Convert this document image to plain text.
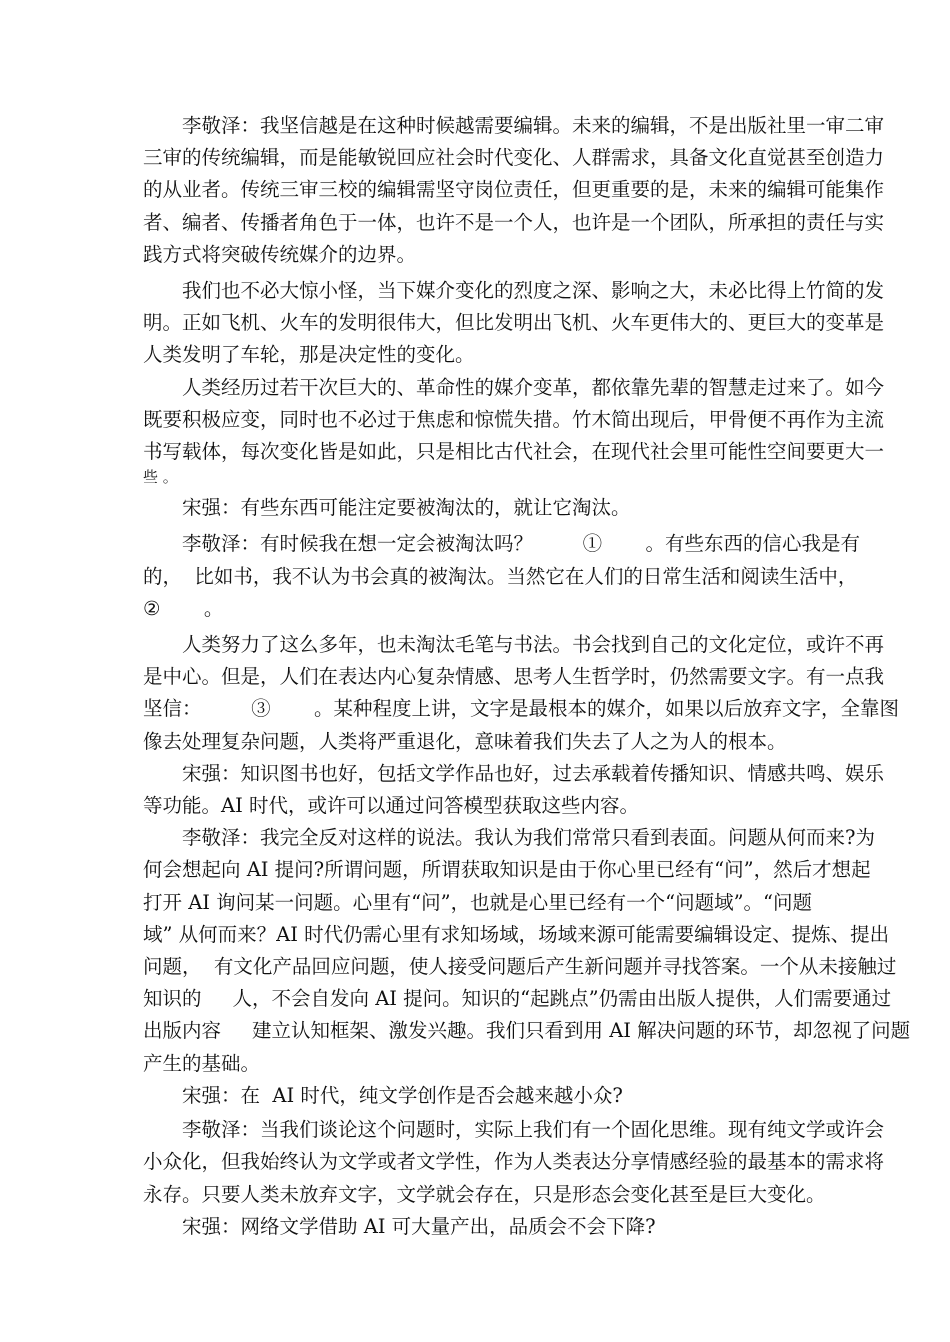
李敬泽：我坚信越是在这种时候越需要编辑。未来的编辑，不是出版社里一审二审
三审的传统编辑，而是能敏锐回应社会时代变化、人群需求，具备文化直觉甚至创造力
的从业者。传统三审三校的编辑需坚守岗位责任，但更重要的是，未来的编辑可能集作
者、编者、传播者角色于一体，也许不是一个人，也许是一个团队，所承担的责任与实
践方式将突破传统媒介的边界。
我们也不必大惊小怪，当下媒介变化的烈度之深、影响之大，未必比得上竹简的发
明。正如飞机、火车的发明很伟大，但比发明出飞机、火车更伟大的、更巨大的变革是
人类发明了车轮，那是决定性的变化。
人类经历过若干次巨大的、革命性的媒介变革，都依靠先辈的智慧走过来了。如今
既要积极应变，同时也不必过于焦虑和惊慌失措。竹木简出现后，甲骨便不再作为主流
书写载体，每次变化皆是如此，只是相比古代社会，在现代社会里可能性空间要更大一
些 。
宋强：有些东西可能注定要被淘汰的，就让它淘汰。
李敬泽：有时候我在想一定会被淘汰吗？        ①       。有些东西的信心我是有
的，  比如书，我不认为书会真的被淘汰。当然它在人们的日常生活和阅读生活中，
②       。
人类努力了这么多年，也未淘汰毛笔与书法。书会找到自己的文化定位，或许不再
是中心。但是，人们在表达内心复杂情感、思考人生哲学时，仍然需要文字。有一点我
坚信：        ③       。某种程度上讲，文字是最根本的媒介，如果以后放弃文字，全靠图
像去处理复杂问题，人类将严重退化，意味着我们失去了人之为人的根本。
宋强：知识图书也好，包括文学作品也好，过去承载着传播知识、情感共鸣、娱乐
等功能。AI 时代，或许可以通过问答模型获取这些内容。
李敬泽：我完全反对这样的说法。我认为我们常常只看到表面。问题从何而来?为
何会想起向 AI 提问?所谓问题，所谓获取知识是由于你心里已经有“问”，然后才想起
打开 AI 询问某一问题。心里有“问”，也就是心里已经有一个“问题域”。“问题
域” 从何而来？AI 时代仍需心里有求知场域，场域来源可能需要编辑设定、提炼、提出
问题，  有文化产品回应问题，使人接受问题后产生新问题并寻找答案。一个从未接触过
知识的     人，不会自发向 AI 提问。知识的“起跳点”仍需由出版人提供，人们需要通过
出版内容     建立认知框架、激发兴趣。我们只看到用 AI 解决问题的环节，却忽视了问题
产生的基础。
宋强：在  AI 时代，纯文学创作是否会越来越小众?
李敬泽：当我们谈论这个问题时，实际上我们有一个固化思维。现有纯文学或许会
小众化，但我始终认为文学或者文学性，作为人类表达分享情感经验的最基本的需求将
永存。只要人类未放弃文字，文学就会存在，只是形态会变化甚至是巨大变化。
宋强：网络文学借助 AI 可大量产出，品质会不会下降?
